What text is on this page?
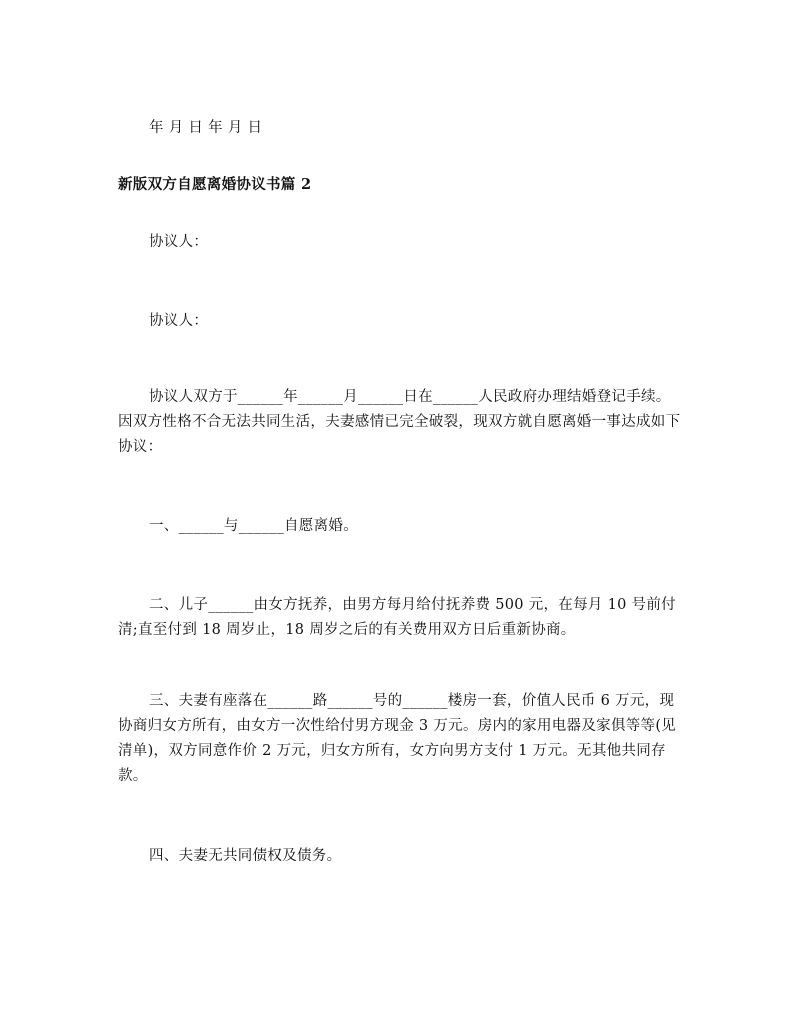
年 月 日 年 月 日
新版双方自愿离婚协议书篇 2
协议人：
协议人：
协议人双方于______年______月______日在______人民政府办理结婚登记手续。因双方性格不合无法共同生活，夫妻感情已完全破裂，现双方就自愿离婚一事达成如下协议：
一、______与______自愿离婚。
二、儿子______由女方抚养，由男方每月给付抚养费 500 元，在每月 10 号前付清;直至付到 18 周岁止，18 周岁之后的有关费用双方日后重新协商。
三、夫妻有座落在______路______号的______楼房一套，价值人民币 6 万元，现协商归女方所有，由女方一次性给付男方现金 3 万元。房内的家用电器及家俱等等(见清单)，双方同意作价 2 万元，归女方所有，女方向男方支付 1 万元。无其他共同存款。
四、夫妻无共同债权及债务。
